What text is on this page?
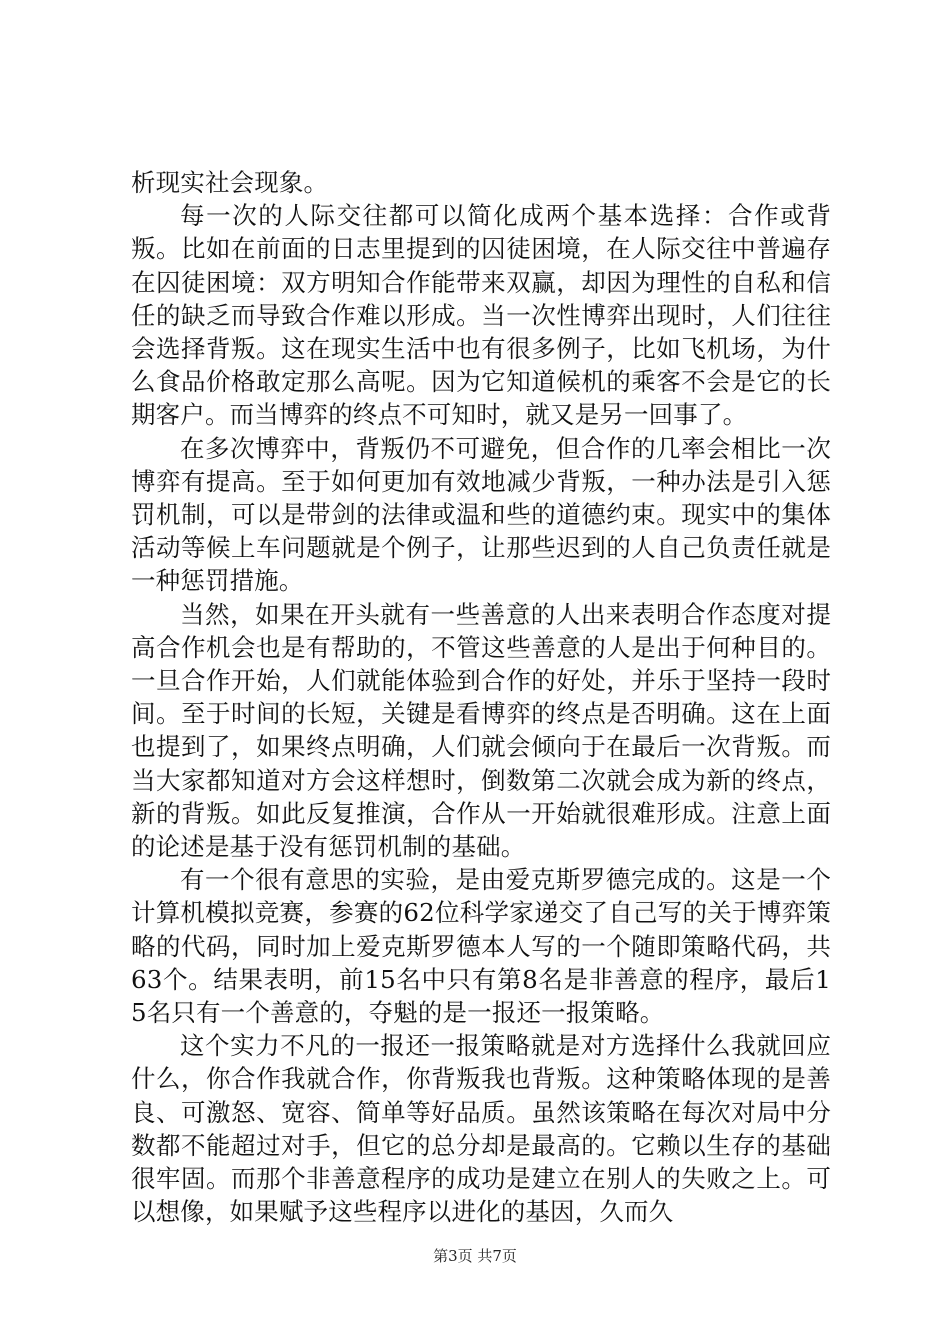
析现实社会现象。

每一次的人际交往都可以简化成两个基本选择：合作或背叛。比如在前面的日志里提到的囚徒困境，在人际交往中普遍存在囚徒困境：双方明知合作能带来双赢，却因为理性的自私和信任的缺乏而导致合作难以形成。当一次性博弈出现时，人们往往会选择背叛。这在现实生活中也有很多例子，比如飞机场，为什么食品价格敢定那么高呢。因为它知道候机的乘客不会是它的长期客户。而当博弈的终点不可知时，就又是另一回事了。

在多次博弈中，背叛仍不可避免，但合作的几率会相比一次博弈有提高。至于如何更加有效地减少背叛，一种办法是引入惩罚机制，可以是带剑的法律或温和些的道德约束。现实中的集体活动等候上车问题就是个例子，让那些迟到的人自己负责任就是一种惩罚措施。

当然，如果在开头就有一些善意的人出来表明合作态度对提高合作机会也是有帮助的，不管这些善意的人是出于何种目的。一旦合作开始，人们就能体验到合作的好处，并乐于坚持一段时间。至于时间的长短，关键是看博弈的终点是否明确。这在上面也提到了，如果终点明确，人们就会倾向于在最后一次背叛。而当大家都知道对方会这样想时，倒数第二次就会成为新的终点，新的背叛。如此反复推演，合作从一开始就很难形成。注意上面的论述是基于没有惩罚机制的基础。

有一个很有意思的实验，是由爱克斯罗德完成的。这是一个计算机模拟竞赛，参赛的62位科学家递交了自己写的关于博弈策略的代码，同时加上爱克斯罗德本人写的一个随即策略代码，共63个。结果表明，前15名中只有第8名是非善意的程序，最后15名只有一个善意的，夺魁的是一报还一报策略。

这个实力不凡的一报还一报策略就是对方选择什么我就回应什么，你合作我就合作，你背叛我也背叛。这种策略体现的是善良、可激怒、宽容、简单等好品质。虽然该策略在每次对局中分数都不能超过对手，但它的总分却是最高的。它赖以生存的基础很牢固。而那个非善意程序的成功是建立在别人的失败之上。可以想像，如果赋予这些程序以进化的基因，久而久

第3页 共7页
